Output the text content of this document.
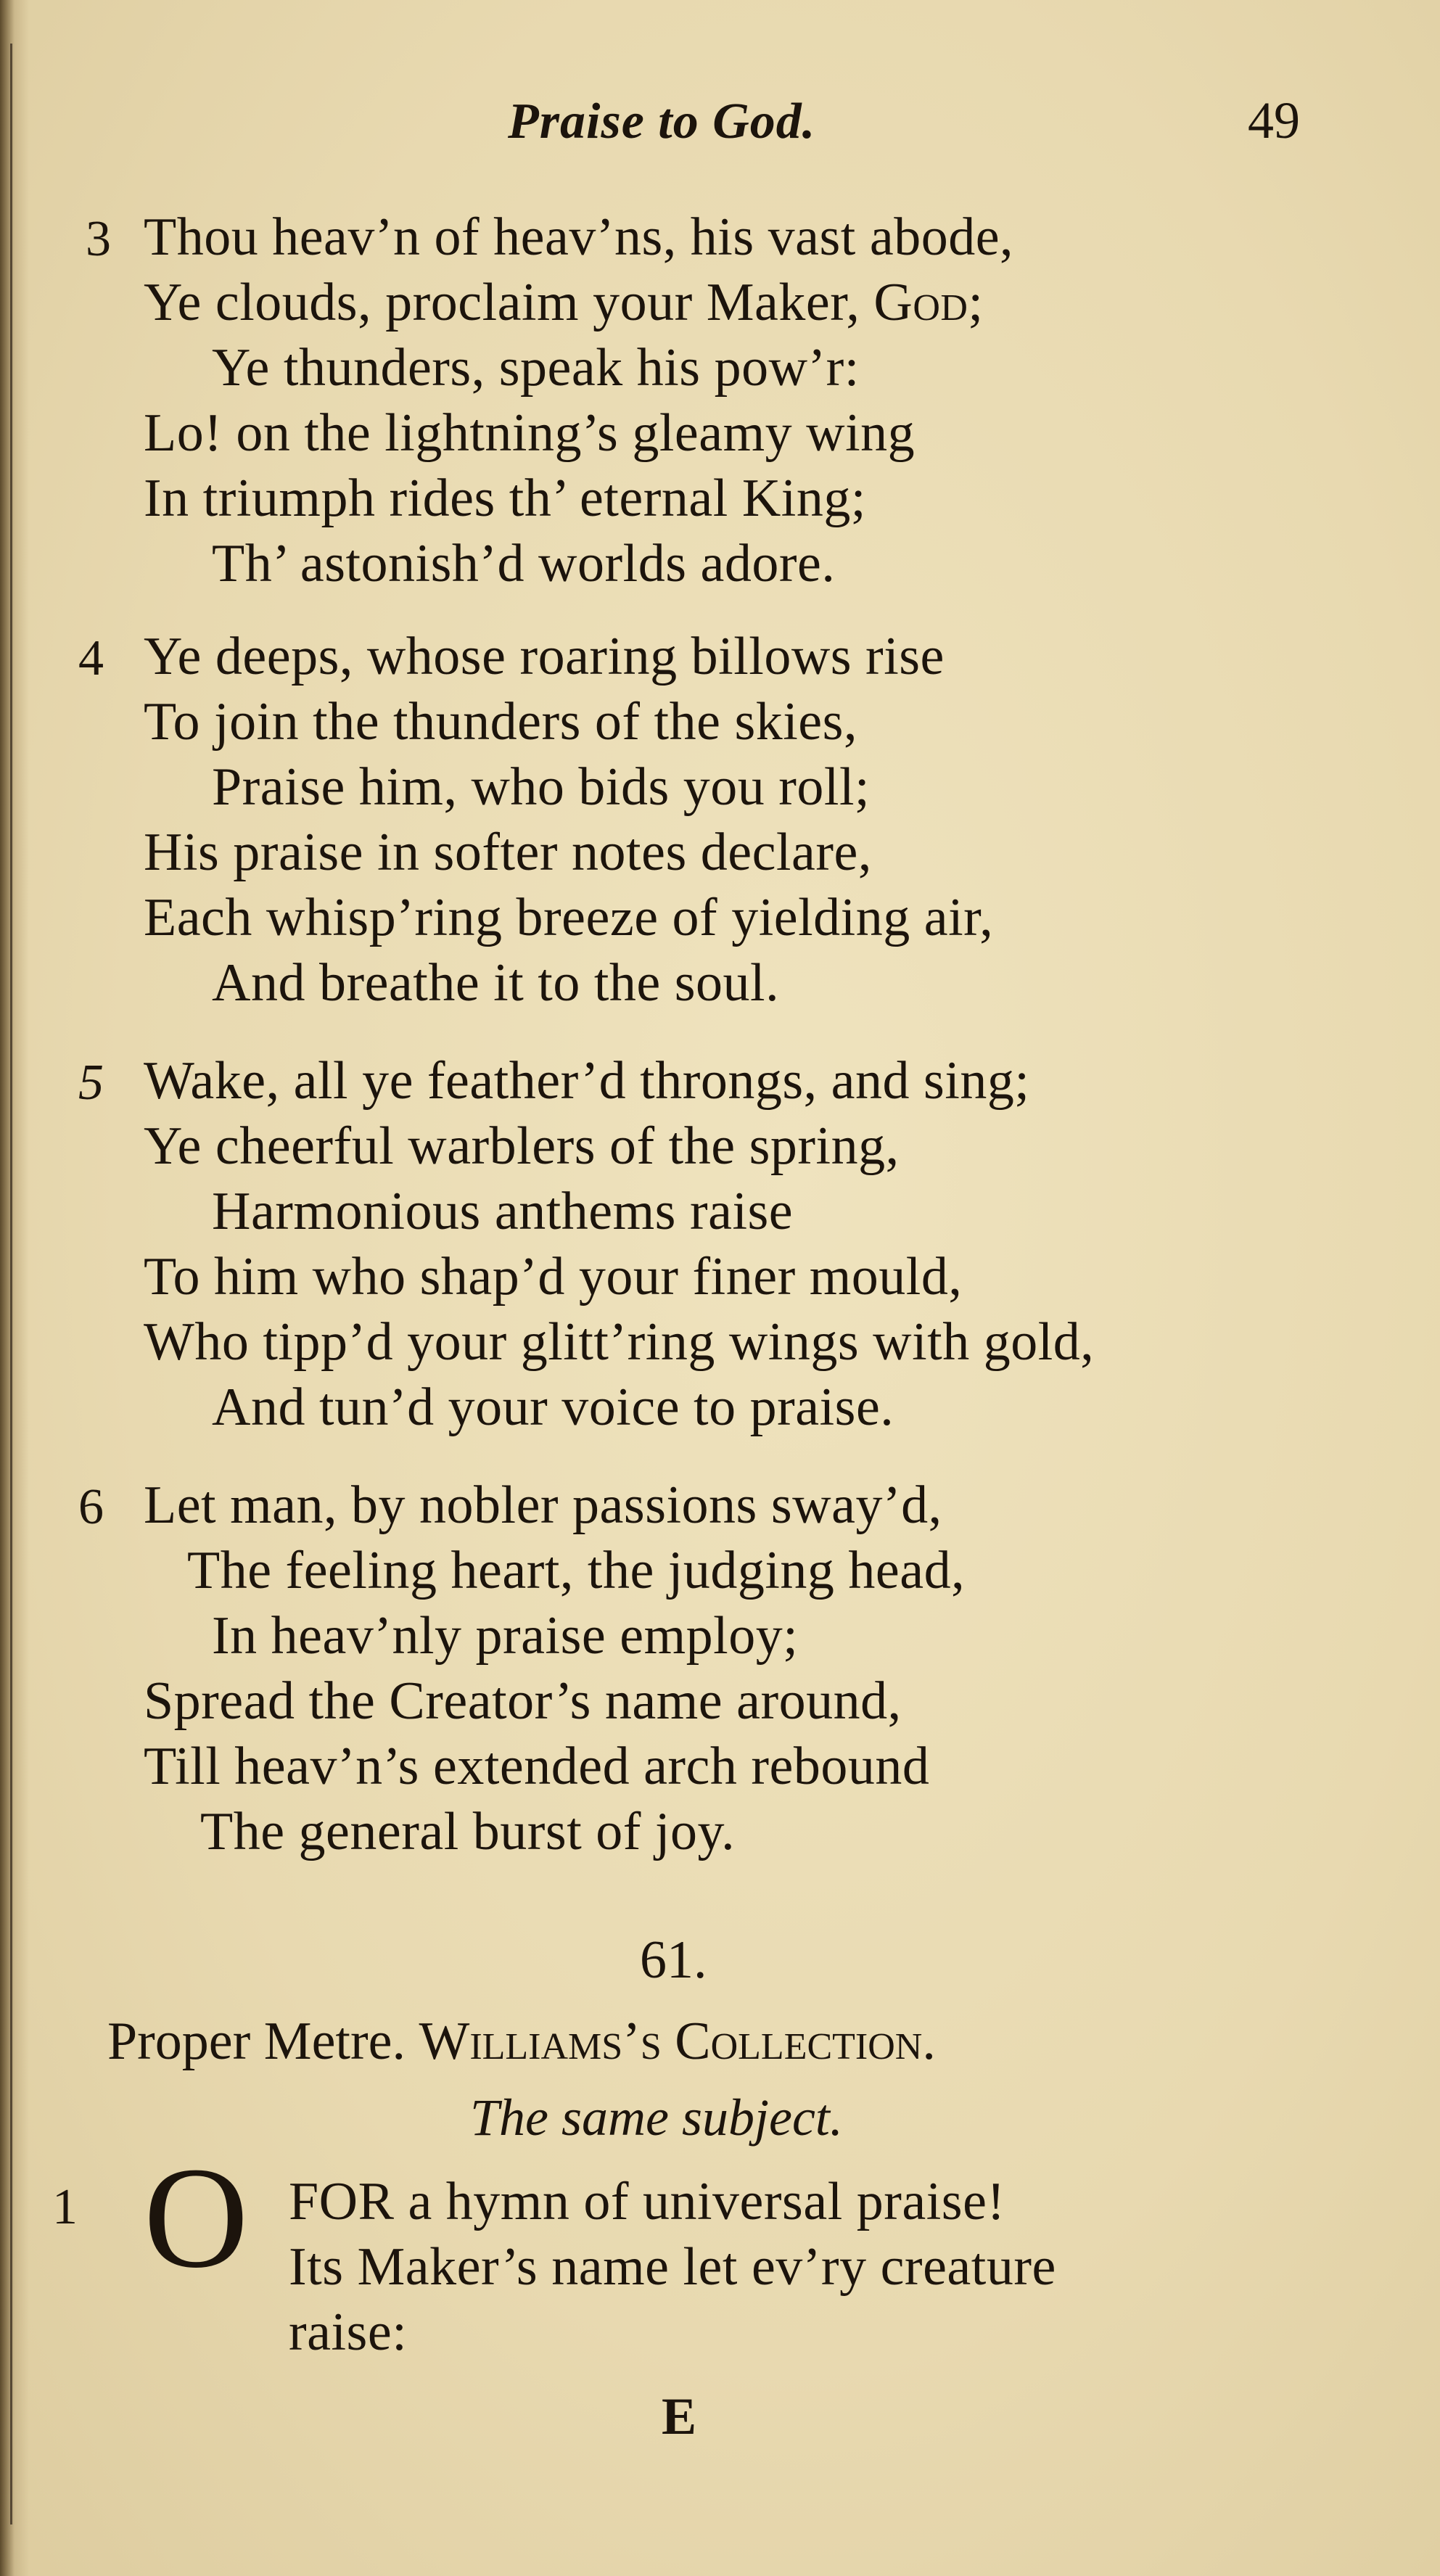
Praise to God.	49
3 Thou heav’n of heav’ns, his vast abode,
Ye clouds, proclaim your Maker, God;
Ye thunders, speak his pow’r:
Lo! on the lightning’s gleamy wing
In triumph rides th’ eternal King;
Th’ astonish’d worlds adore.
4 Ye deeps, whose roaring billows rise
To join the thunders of the skies,
Praise him, who bids you roll;
His praise in softer notes declare,
Each whisp’ring breeze of yielding air,
And breathe it to the soul.
5 Wake, all ye feather’d throngs, and sing;
Ye cheerful warblers of the spring,
Harmonious anthems raise
To him who shap’d your finer mould,
Who tipp’d your glitt’ring wings with gold,
And tun’d your voice to praise.
6 Let man, by nobler passions sway’d,
The feeling heart, the judging head,
In heav’nly praise employ;
Spread the Creator’s name around,
Till heav’n’s extended arch rebound
The general burst of joy.
61.
Proper Metre. Williams’s Collection.
The same subject.
1 O FOR a hymn of universal praise!
Its Maker’s name let ev’ry creature
raise:
E
